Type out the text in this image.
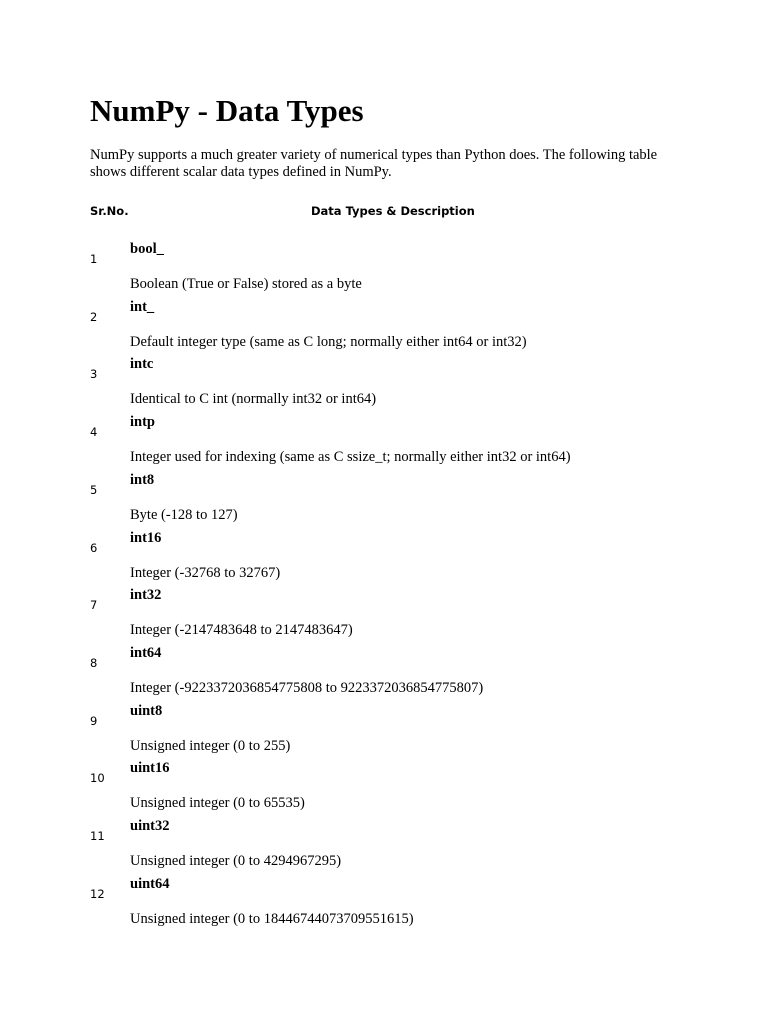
NumPy - Data Types

NumPy supports a much greater variety of numerical types than Python does. The following table shows different scalar data types defined in NumPy.

Sr.No.	Data Types & Description
1
bool_
Boolean (True or False) stored as a byte
2
int_
Default integer type (same as C long; normally either int64 or int32)
3
intc
Identical to C int (normally int32 or int64)
4
intp
Integer used for indexing (same as C ssize_t; normally either int32 or int64)
5
int8
Byte (-128 to 127)
6
int16
Integer (-32768 to 32767)
7
int32
Integer (-2147483648 to 2147483647)
8
int64
Integer (-9223372036854775808 to 9223372036854775807)
9
uint8
Unsigned integer (0 to 255)
10
uint16
Unsigned integer (0 to 65535)
11
uint32
Unsigned integer (0 to 4294967295)
12
uint64
Unsigned integer (0 to 18446744073709551615)
